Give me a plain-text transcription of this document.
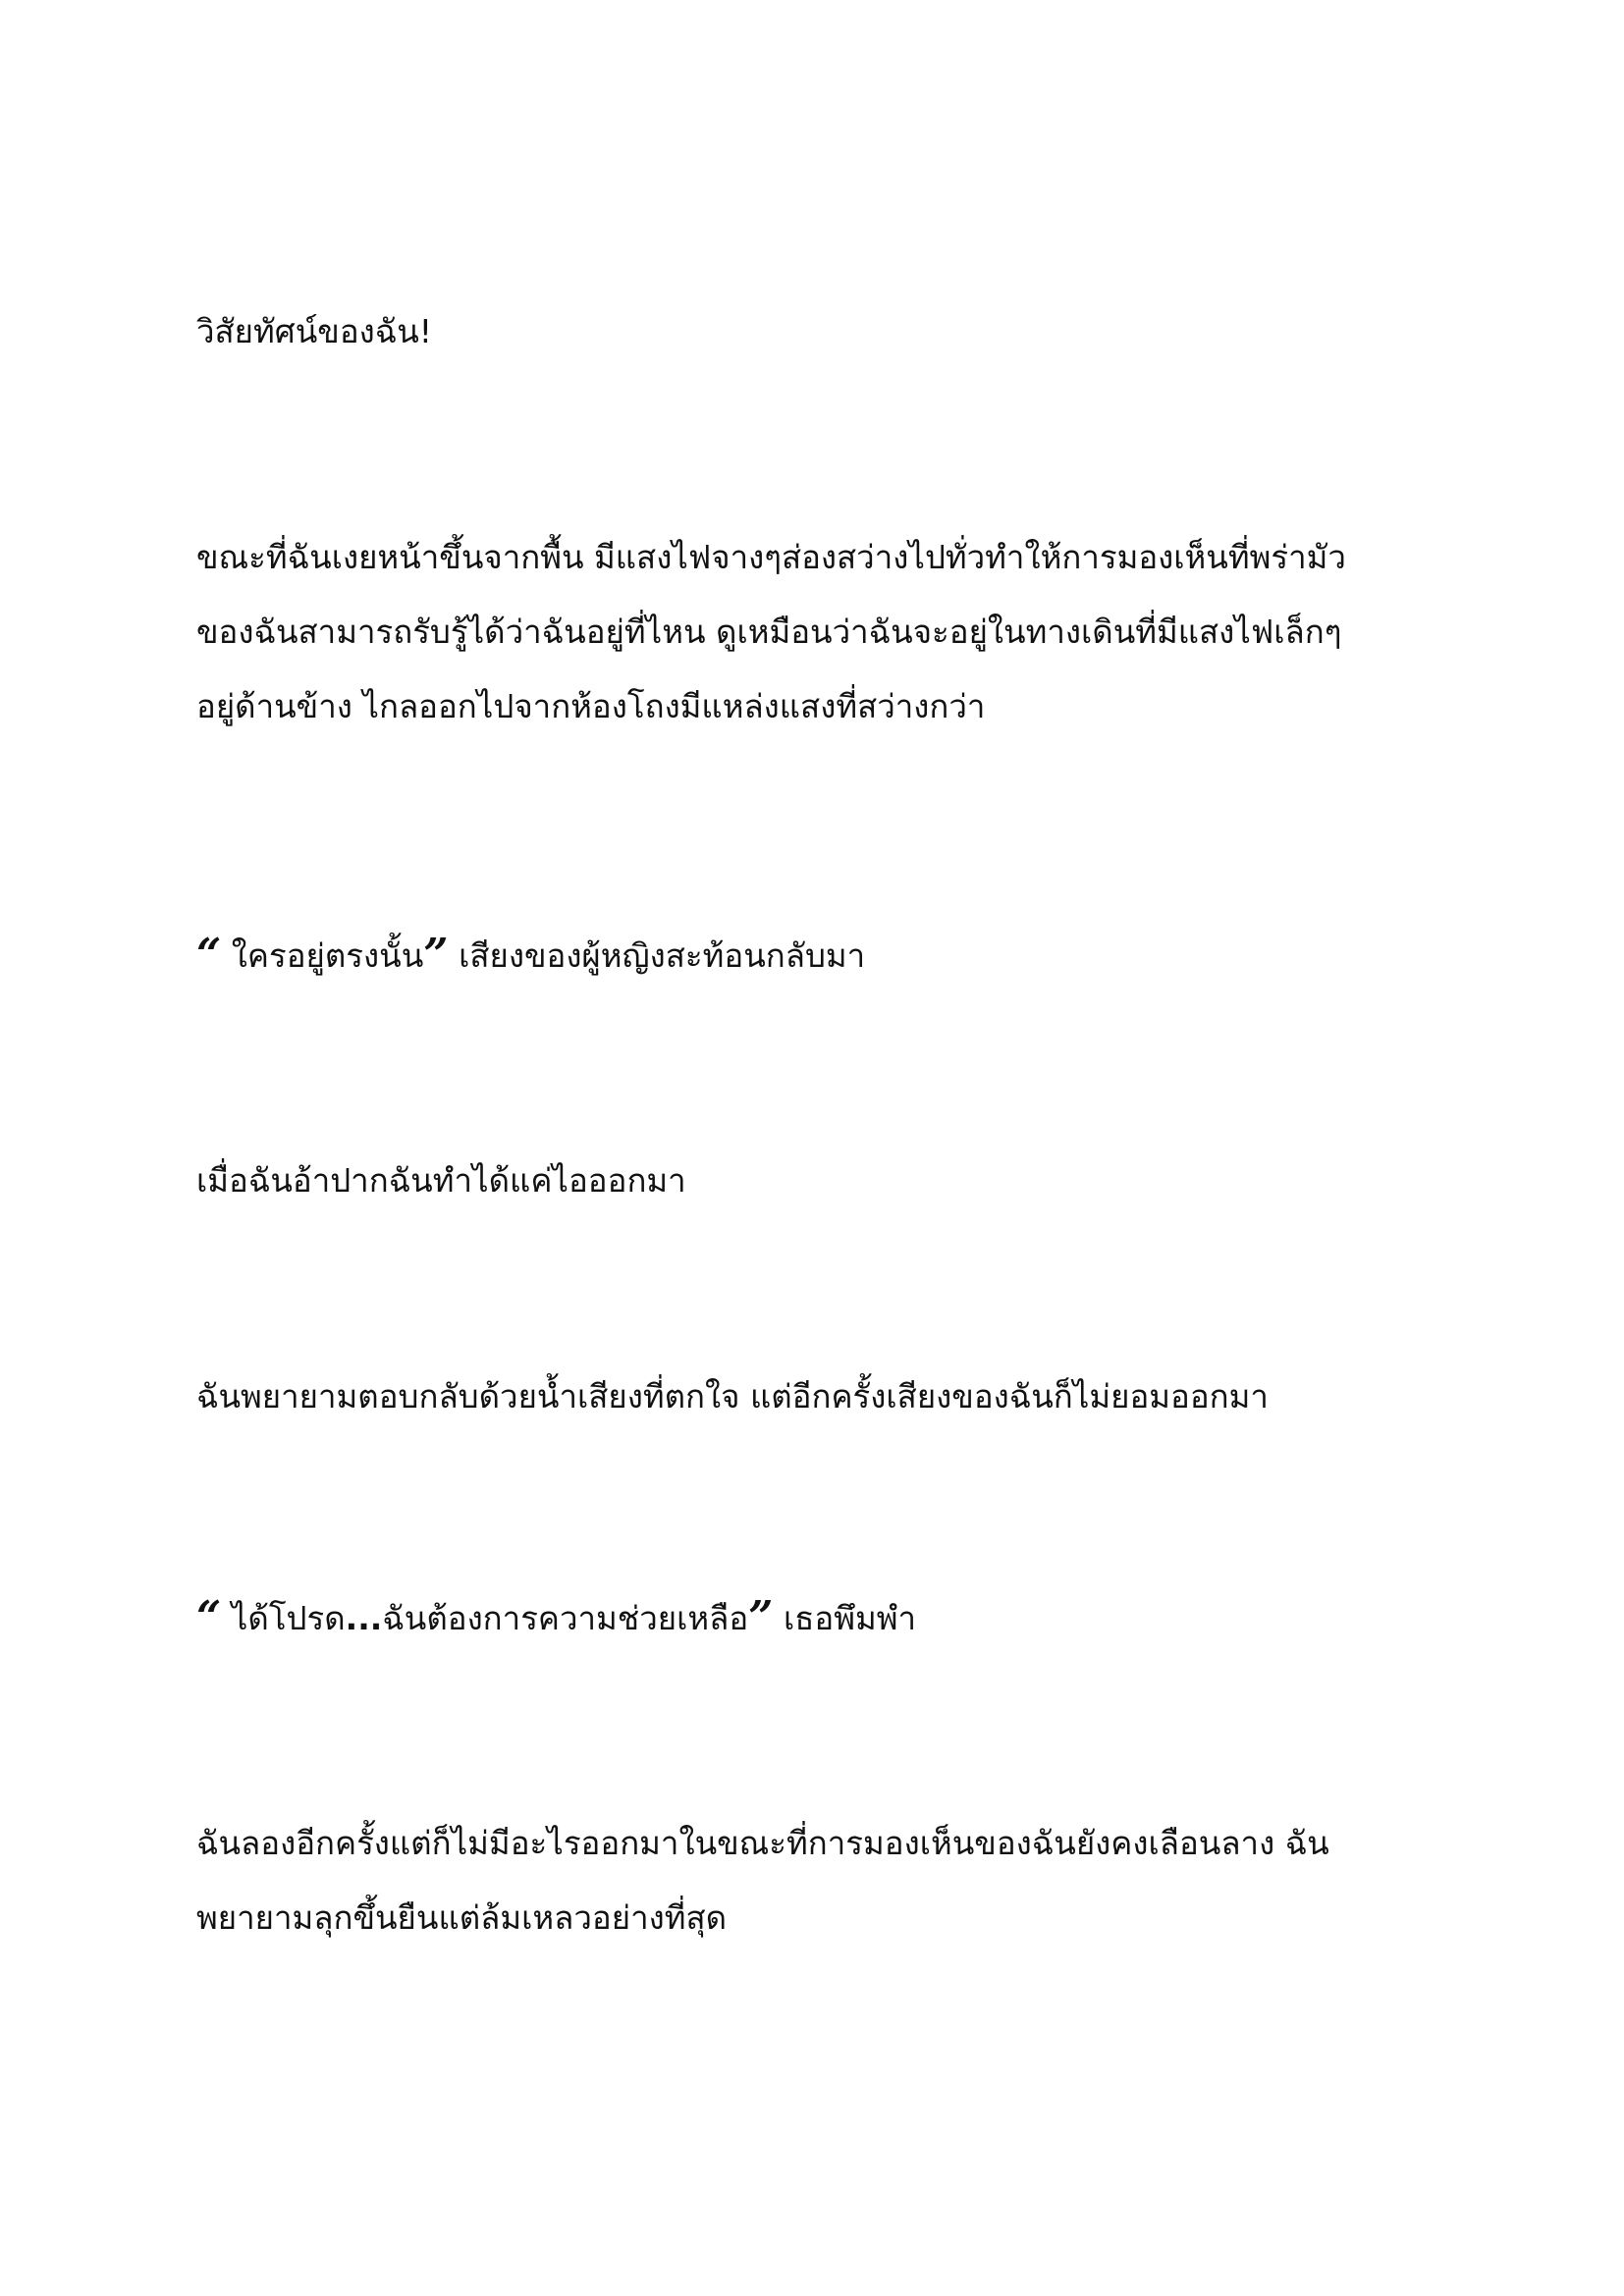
วิสัยทัศน์ของฉัน!

ขณะที่ฉันเงยหน้าขึ้นจากพื้น มีแสงไฟจางๆส่องสว่างไปทั่วทำให้การมองเห็นที่พร่ามัว
ของฉันสามารถรับรู้ได้ว่าฉันอยู่ที่ไหน ดูเหมือนว่าฉันจะอยู่ในทางเดินที่มีแสงไฟเล็กๆ
อยู่ด้านข้าง ไกลออกไปจากห้องโถงมีแหล่งแสงที่สว่างกว่า

“ ใครอยู่ตรงนั้น” เสียงของผู้หญิงสะท้อนกลับมา

เมื่อฉันอ้าปากฉันทำได้แค่ไอออกมา

ฉันพยายามตอบกลับด้วยน้ำเสียงที่ตกใจ แต่อีกครั้งเสียงของฉันก็ไม่ยอมออกมา

“ ได้โปรด...ฉันต้องการความช่วยเหลือ” เธอพึมพำ

ฉันลองอีกครั้งแต่ก็ไม่มีอะไรออกมาในขณะที่การมองเห็นของฉันยังคงเลือนลาง ฉัน
พยายามลุกขึ้นยืนแต่ล้มเหลวอย่างที่สุด
